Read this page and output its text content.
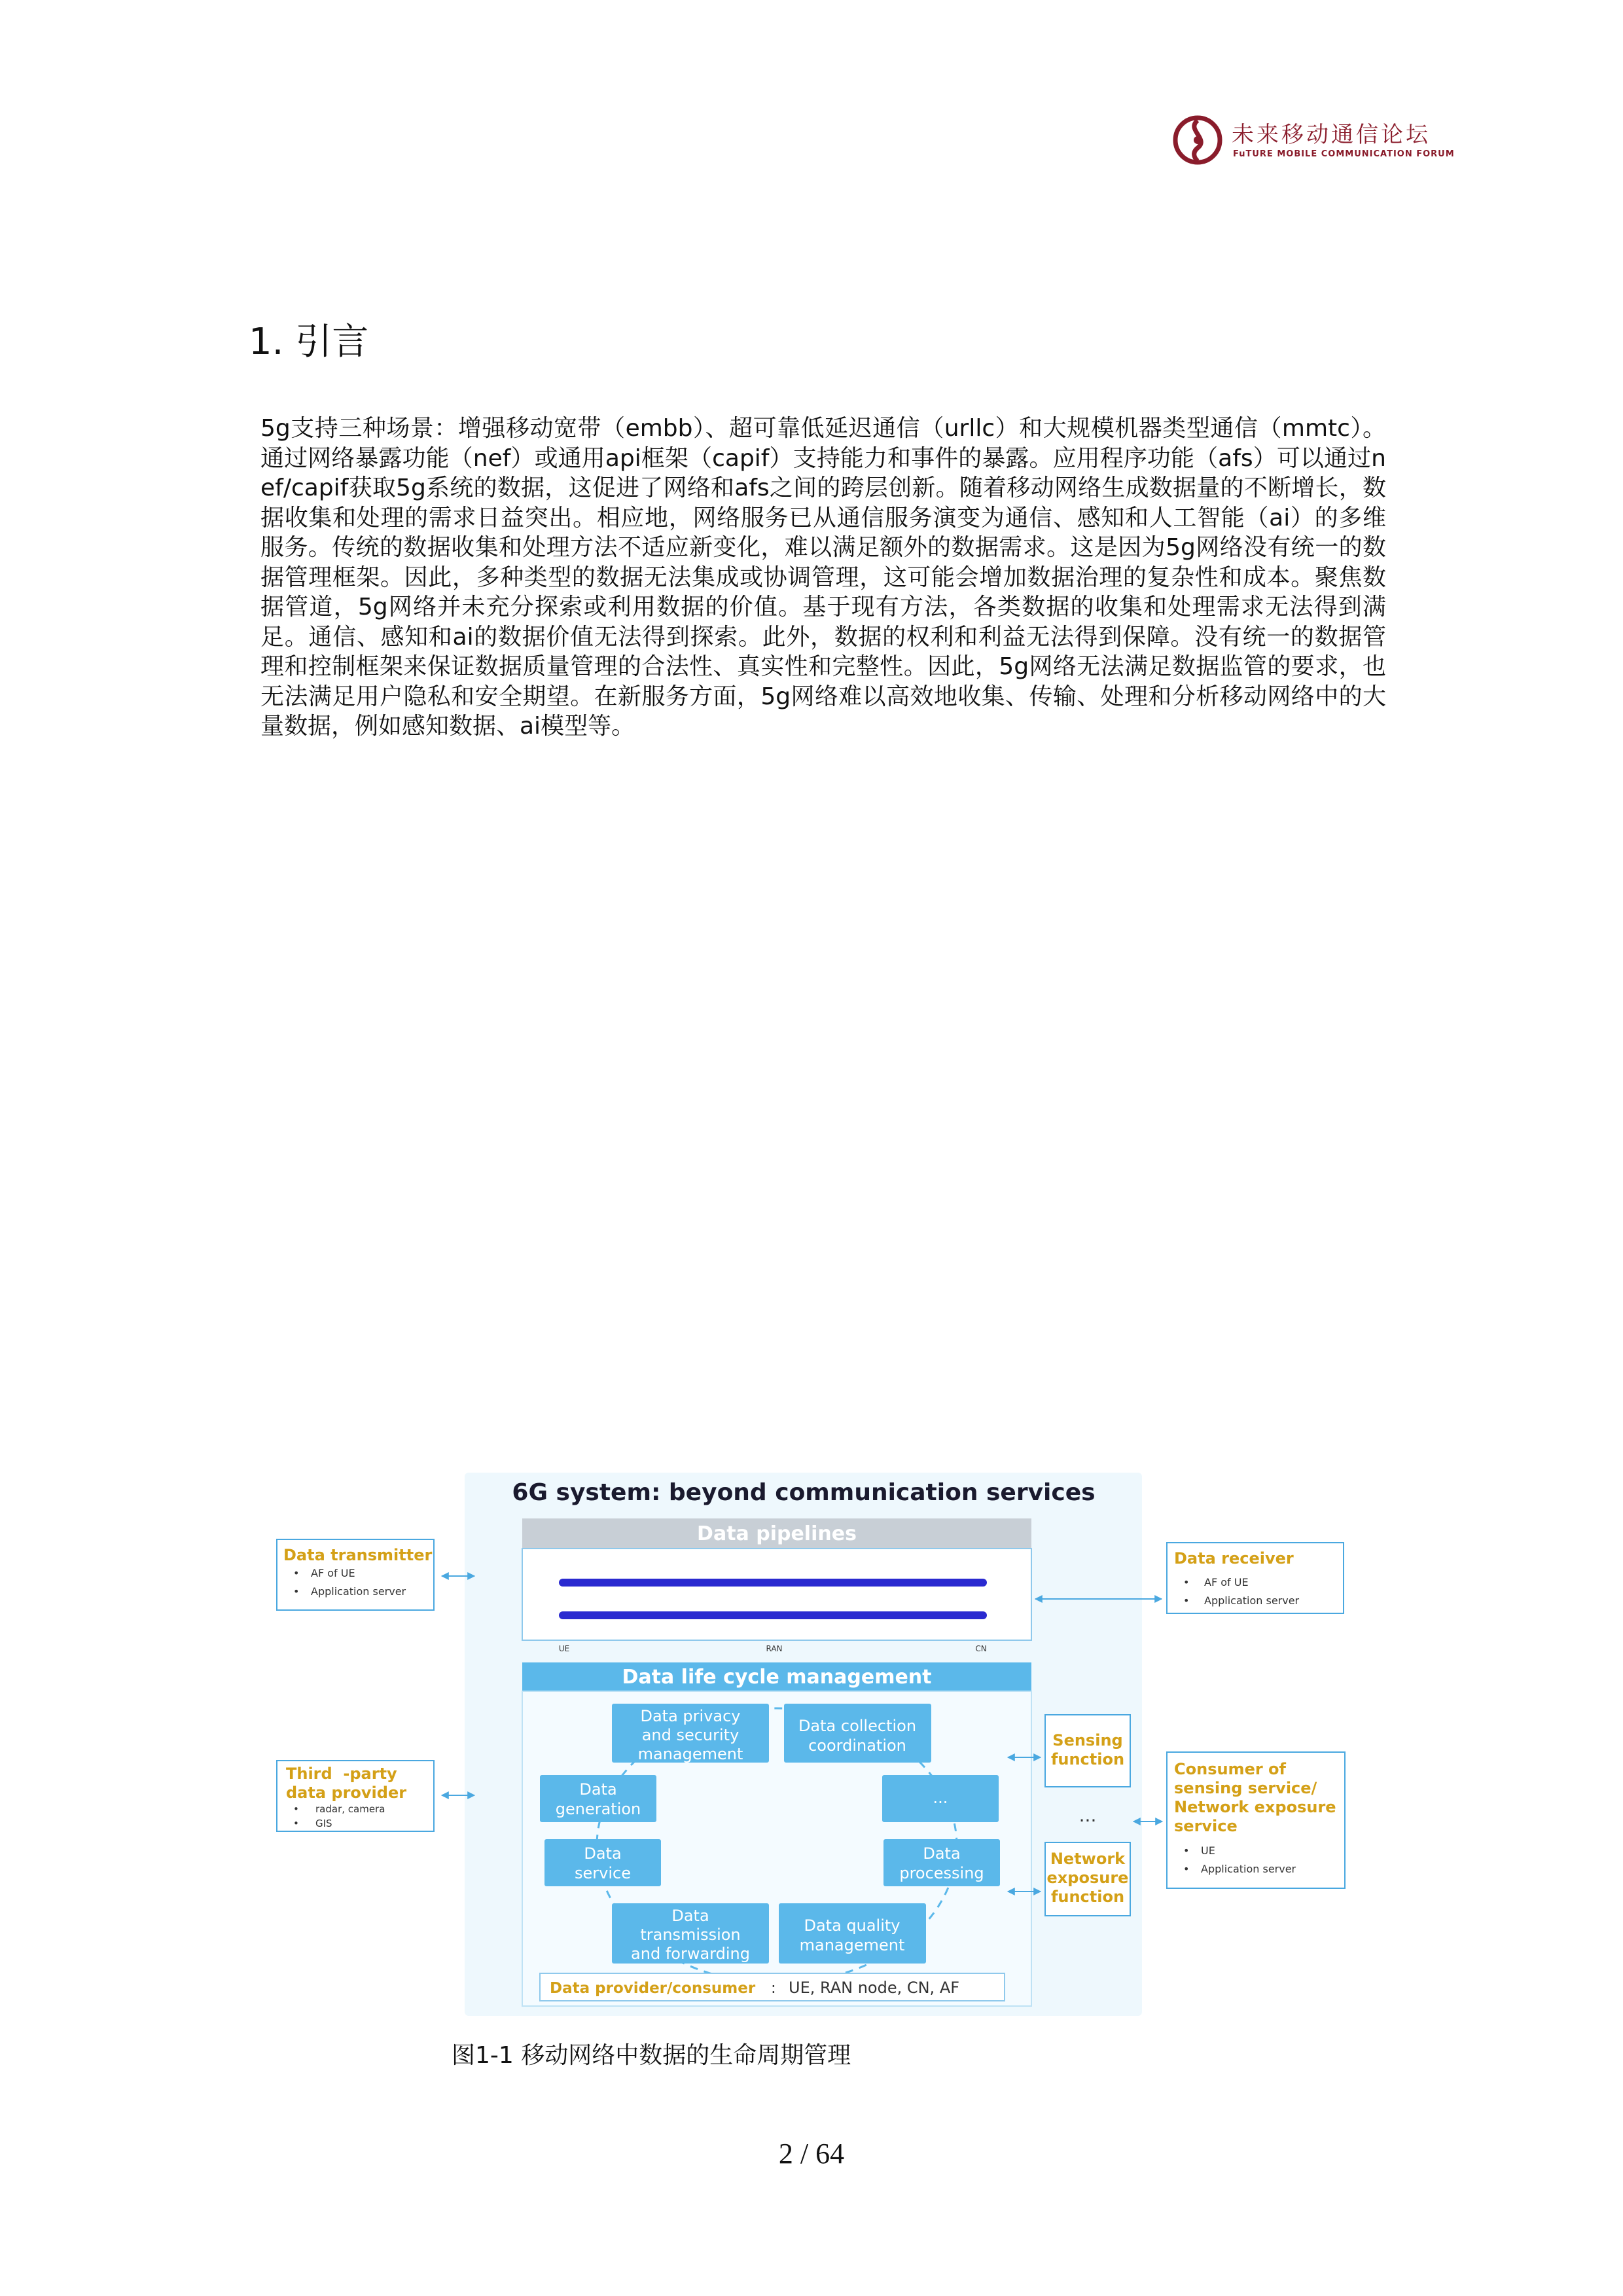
未来移动通信论坛
FuTURE MOBILE COMMUNICATION FORUM
1. 引言
5g支持三种场景：增强移动宽带（embb）、超可靠低延迟通信（urllc）和大规模机器类型通信（mmtc）。通过网络暴露功能（nef）或通用api框架（capif）支持能力和事件的暴露。应用程序功能（afs）可以通过nef/capif获取5g系统的数据，这促进了网络和afs之间的跨层创新。随着移动网络生成数据量的不断增长，数据收集和处理的需求日益突出。相应地，网络服务已从通信服务演变为通信、感知和人工智能（ai）的多维服务。传统的数据收集和处理方法不适应新变化，难以满足额外的数据需求。这是因为5g网络没有统一的数据管理框架。因此，多种类型的数据无法集成或协调管理，这可能会增加数据治理的复杂性和成本。聚焦数据管道，5g网络并未充分探索或利用数据的价值。基于现有方法，各类数据的收集和处理需求无法得到满足。通信、感知和ai的数据价值无法得到探索。此外，数据的权利和利益无法得到保障。没有统一的数据管理和控制框架来保证数据质量管理的合法性、真实性和完整性。因此，5g网络无法满足数据监管的要求，也无法满足用户隐私和安全期望。在新服务方面，5g网络难以高效地收集、传输、处理和分析移动网络中的大量数据，例如感知数据、ai模型等。
6G system: beyond communication services
Data pipelines
UE	RAN	CN
Data life cycle management
Data privacy
and security
management
Data collection
coordination
Data
generation
...
Data
service
Data
processing
Data
transmission
and forwarding
Data quality
management
Data provider/consumer : UE, RAN node, CN, AF
Data transmitter
• AF of UE
• Application server
Data receiver
• AF of UE
• Application server
Third  -party
data provider
• radar, camera
• GIS
Sensing
function
...
Network
exposure
function
Consumer of
sensing service/
Network exposure
service
• UE
• Application server
图1-1 移动网络中数据的生命周期管理
2 / 64
